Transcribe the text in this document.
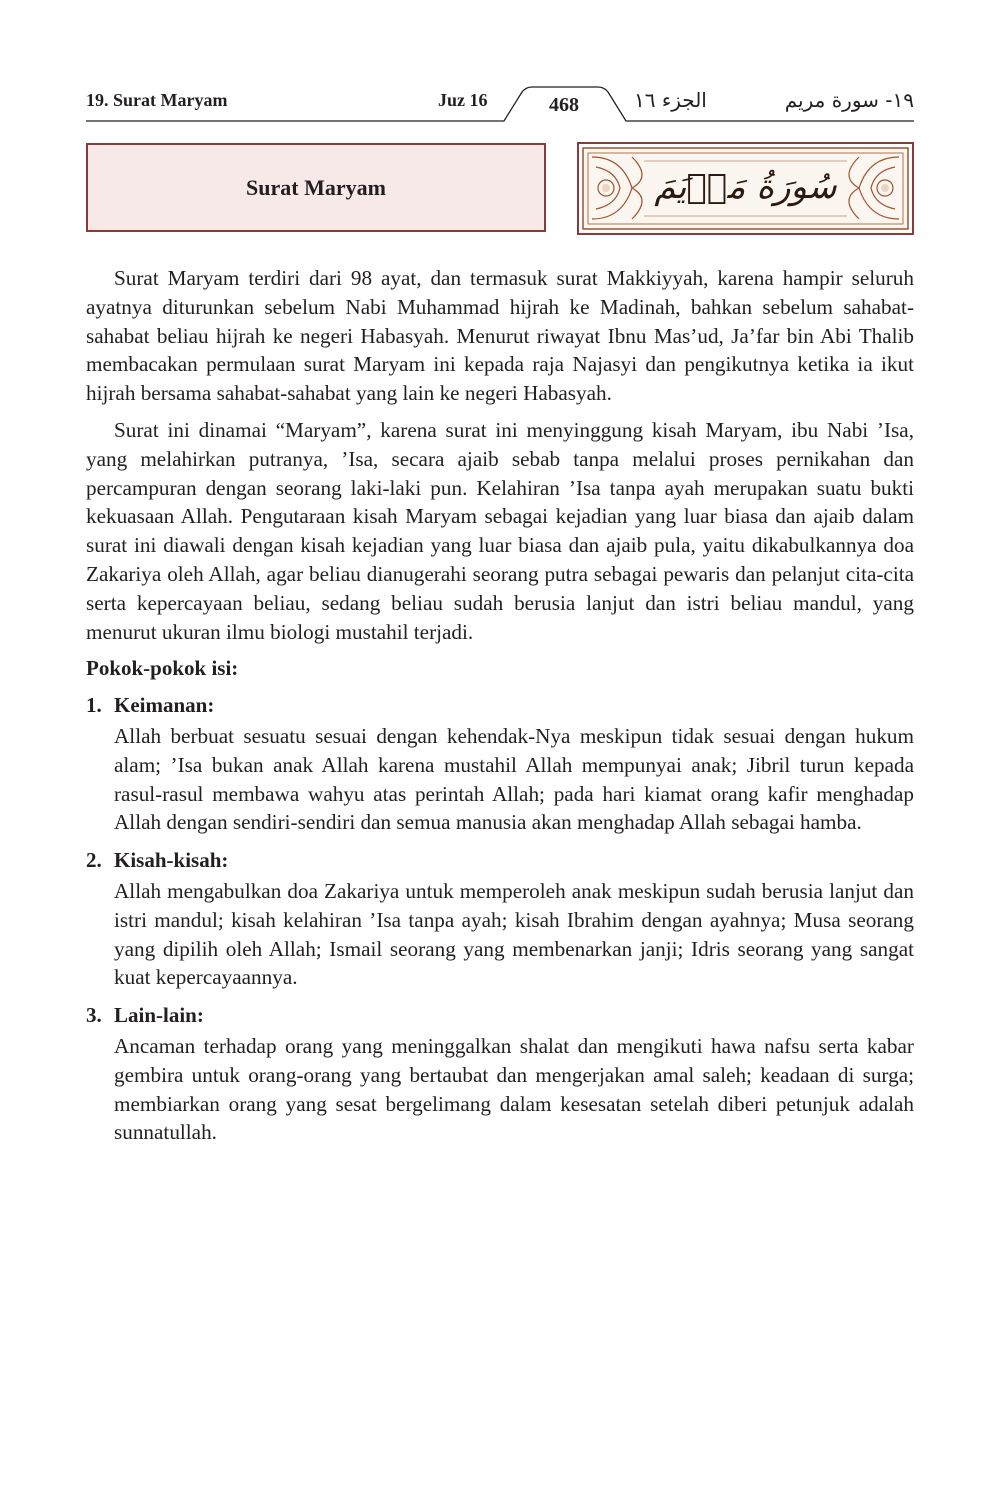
19. Surat Maryam	Juz 16	468	الجزء ١٦	١٩- سورة مريم
Surat Maryam	سُورَةُ مَرۡيَمَ

Surat Maryam terdiri dari 98 ayat, dan termasuk surat Makkiyyah, karena hampir seluruh ayatnya diturunkan sebelum Nabi Muhammad hijrah ke Madinah, bahkan sebelum sahabat-sahabat beliau hijrah ke negeri Habasyah. Menurut riwayat Ibnu Mas’ud, Ja’far bin Abi Thalib membacakan permulaan surat Maryam ini kepada raja Najasyi dan pengikutnya ketika ia ikut hijrah bersama sahabat-sahabat yang lain ke negeri Habasyah.

Surat ini dinamai “Maryam”, karena surat ini menyinggung kisah Maryam, ibu Nabi ’Isa, yang melahirkan putranya, ’Isa, secara ajaib sebab tanpa melalui proses pernikahan dan percampuran dengan seorang laki-laki pun. Kelahiran ’Isa tanpa ayah merupakan suatu bukti kekuasaan Allah. Pengutaraan kisah Maryam sebagai kejadian yang luar biasa dan ajaib dalam surat ini diawali dengan kisah kejadian yang luar biasa dan ajaib pula, yaitu dikabulkannya doa Zakariya oleh Allah, agar beliau dianugerahi seorang putra sebagai pewaris dan pelanjut cita-cita serta kepercayaan beliau, sedang beliau sudah berusia lanjut dan istri beliau mandul, yang menurut ukuran ilmu biologi mustahil terjadi.

Pokok-pokok isi:
1. Keimanan:
Allah berbuat sesuatu sesuai dengan kehendak-Nya meskipun tidak sesuai dengan hukum alam; ’Isa bukan anak Allah karena mustahil Allah mempunyai anak; Jibril turun kepada rasul-rasul membawa wahyu atas perintah Allah; pada hari kiamat orang kafir menghadap Allah dengan sendiri-sendiri dan semua manusia akan menghadap Allah sebagai hamba.
2. Kisah-kisah:
Allah mengabulkan doa Zakariya untuk memperoleh anak meskipun sudah berusia lanjut dan istri mandul; kisah kelahiran ’Isa tanpa ayah; kisah Ibrahim dengan ayahnya; Musa seorang yang dipilih oleh Allah; Ismail seorang yang membenarkan janji; Idris seorang yang sangat kuat kepercayaannya.
3. Lain-lain:
Ancaman terhadap orang yang meninggalkan shalat dan mengikuti hawa nafsu serta kabar gembira untuk orang-orang yang bertaubat dan mengerjakan amal saleh; keadaan di surga; membiarkan orang yang sesat bergelimang dalam kesesatan setelah diberi petunjuk adalah sunnatullah.
